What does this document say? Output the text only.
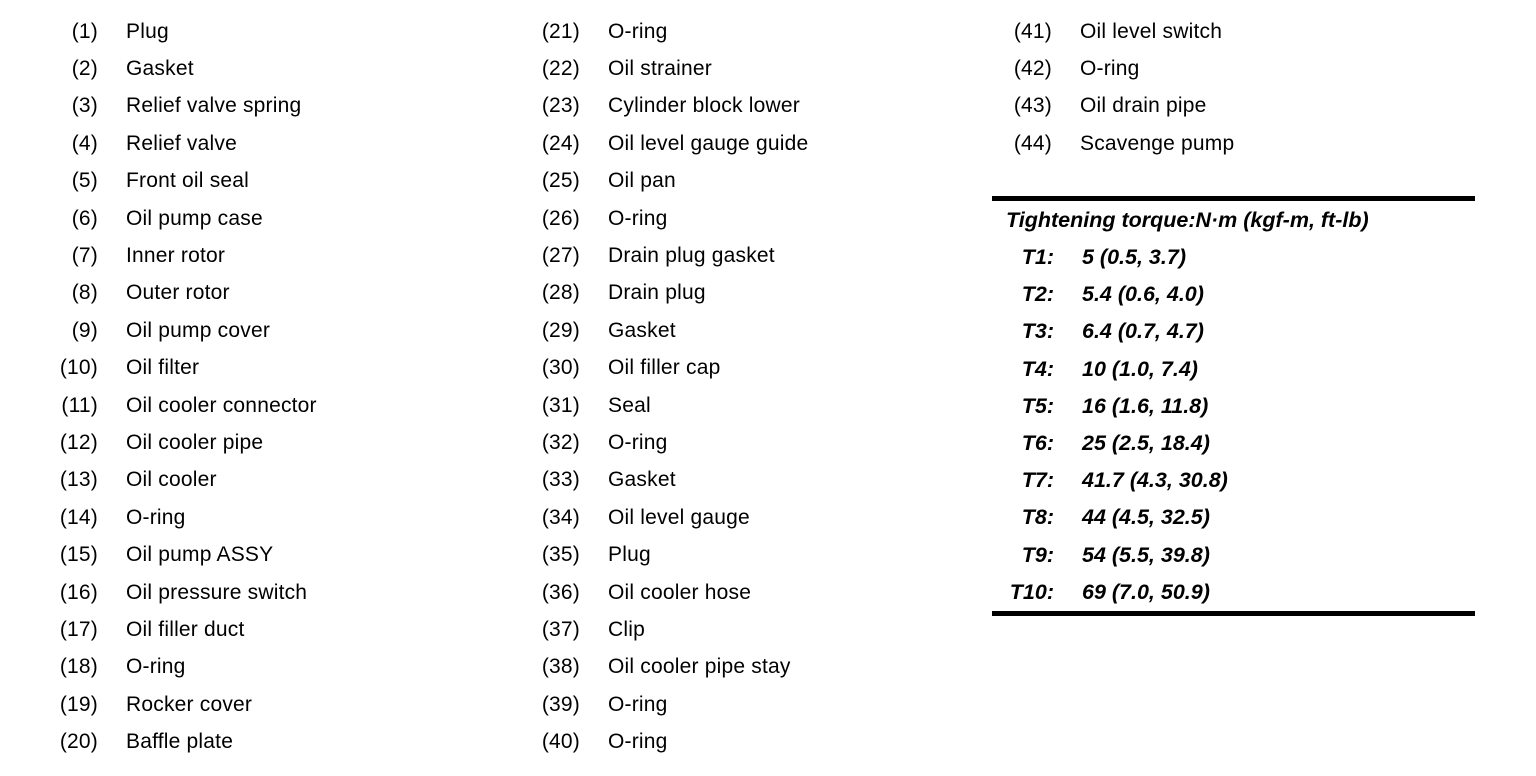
(1) Plug
(2) Gasket
(3) Relief valve spring
(4) Relief valve
(5) Front oil seal
(6) Oil pump case
(7) Inner rotor
(8) Outer rotor
(9) Oil pump cover
(10) Oil filter
(11) Oil cooler connector
(12) Oil cooler pipe
(13) Oil cooler
(14) O-ring
(15) Oil pump ASSY
(16) Oil pressure switch
(17) Oil filler duct
(18) O-ring
(19) Rocker cover
(20) Baffle plate
(21) O-ring
(22) Oil strainer
(23) Cylinder block lower
(24) Oil level gauge guide
(25) Oil pan
(26) O-ring
(27) Drain plug gasket
(28) Drain plug
(29) Gasket
(30) Oil filler cap
(31) Seal
(32) O-ring
(33) Gasket
(34) Oil level gauge
(35) Plug
(36) Oil cooler hose
(37) Clip
(38) Oil cooler pipe stay
(39) O-ring
(40) O-ring
(41) Oil level switch
(42) O-ring
(43) Oil drain pipe
(44) Scavenge pump
Tightening torque:N·m (kgf-m, ft-lb)
T1: 5 (0.5, 3.7)
T2: 5.4 (0.6, 4.0)
T3: 6.4 (0.7, 4.7)
T4: 10 (1.0, 7.4)
T5: 16 (1.6, 11.8)
T6: 25 (2.5, 18.4)
T7: 41.7 (4.3, 30.8)
T8: 44 (4.5, 32.5)
T9: 54 (5.5, 39.8)
T10: 69 (7.0, 50.9)
